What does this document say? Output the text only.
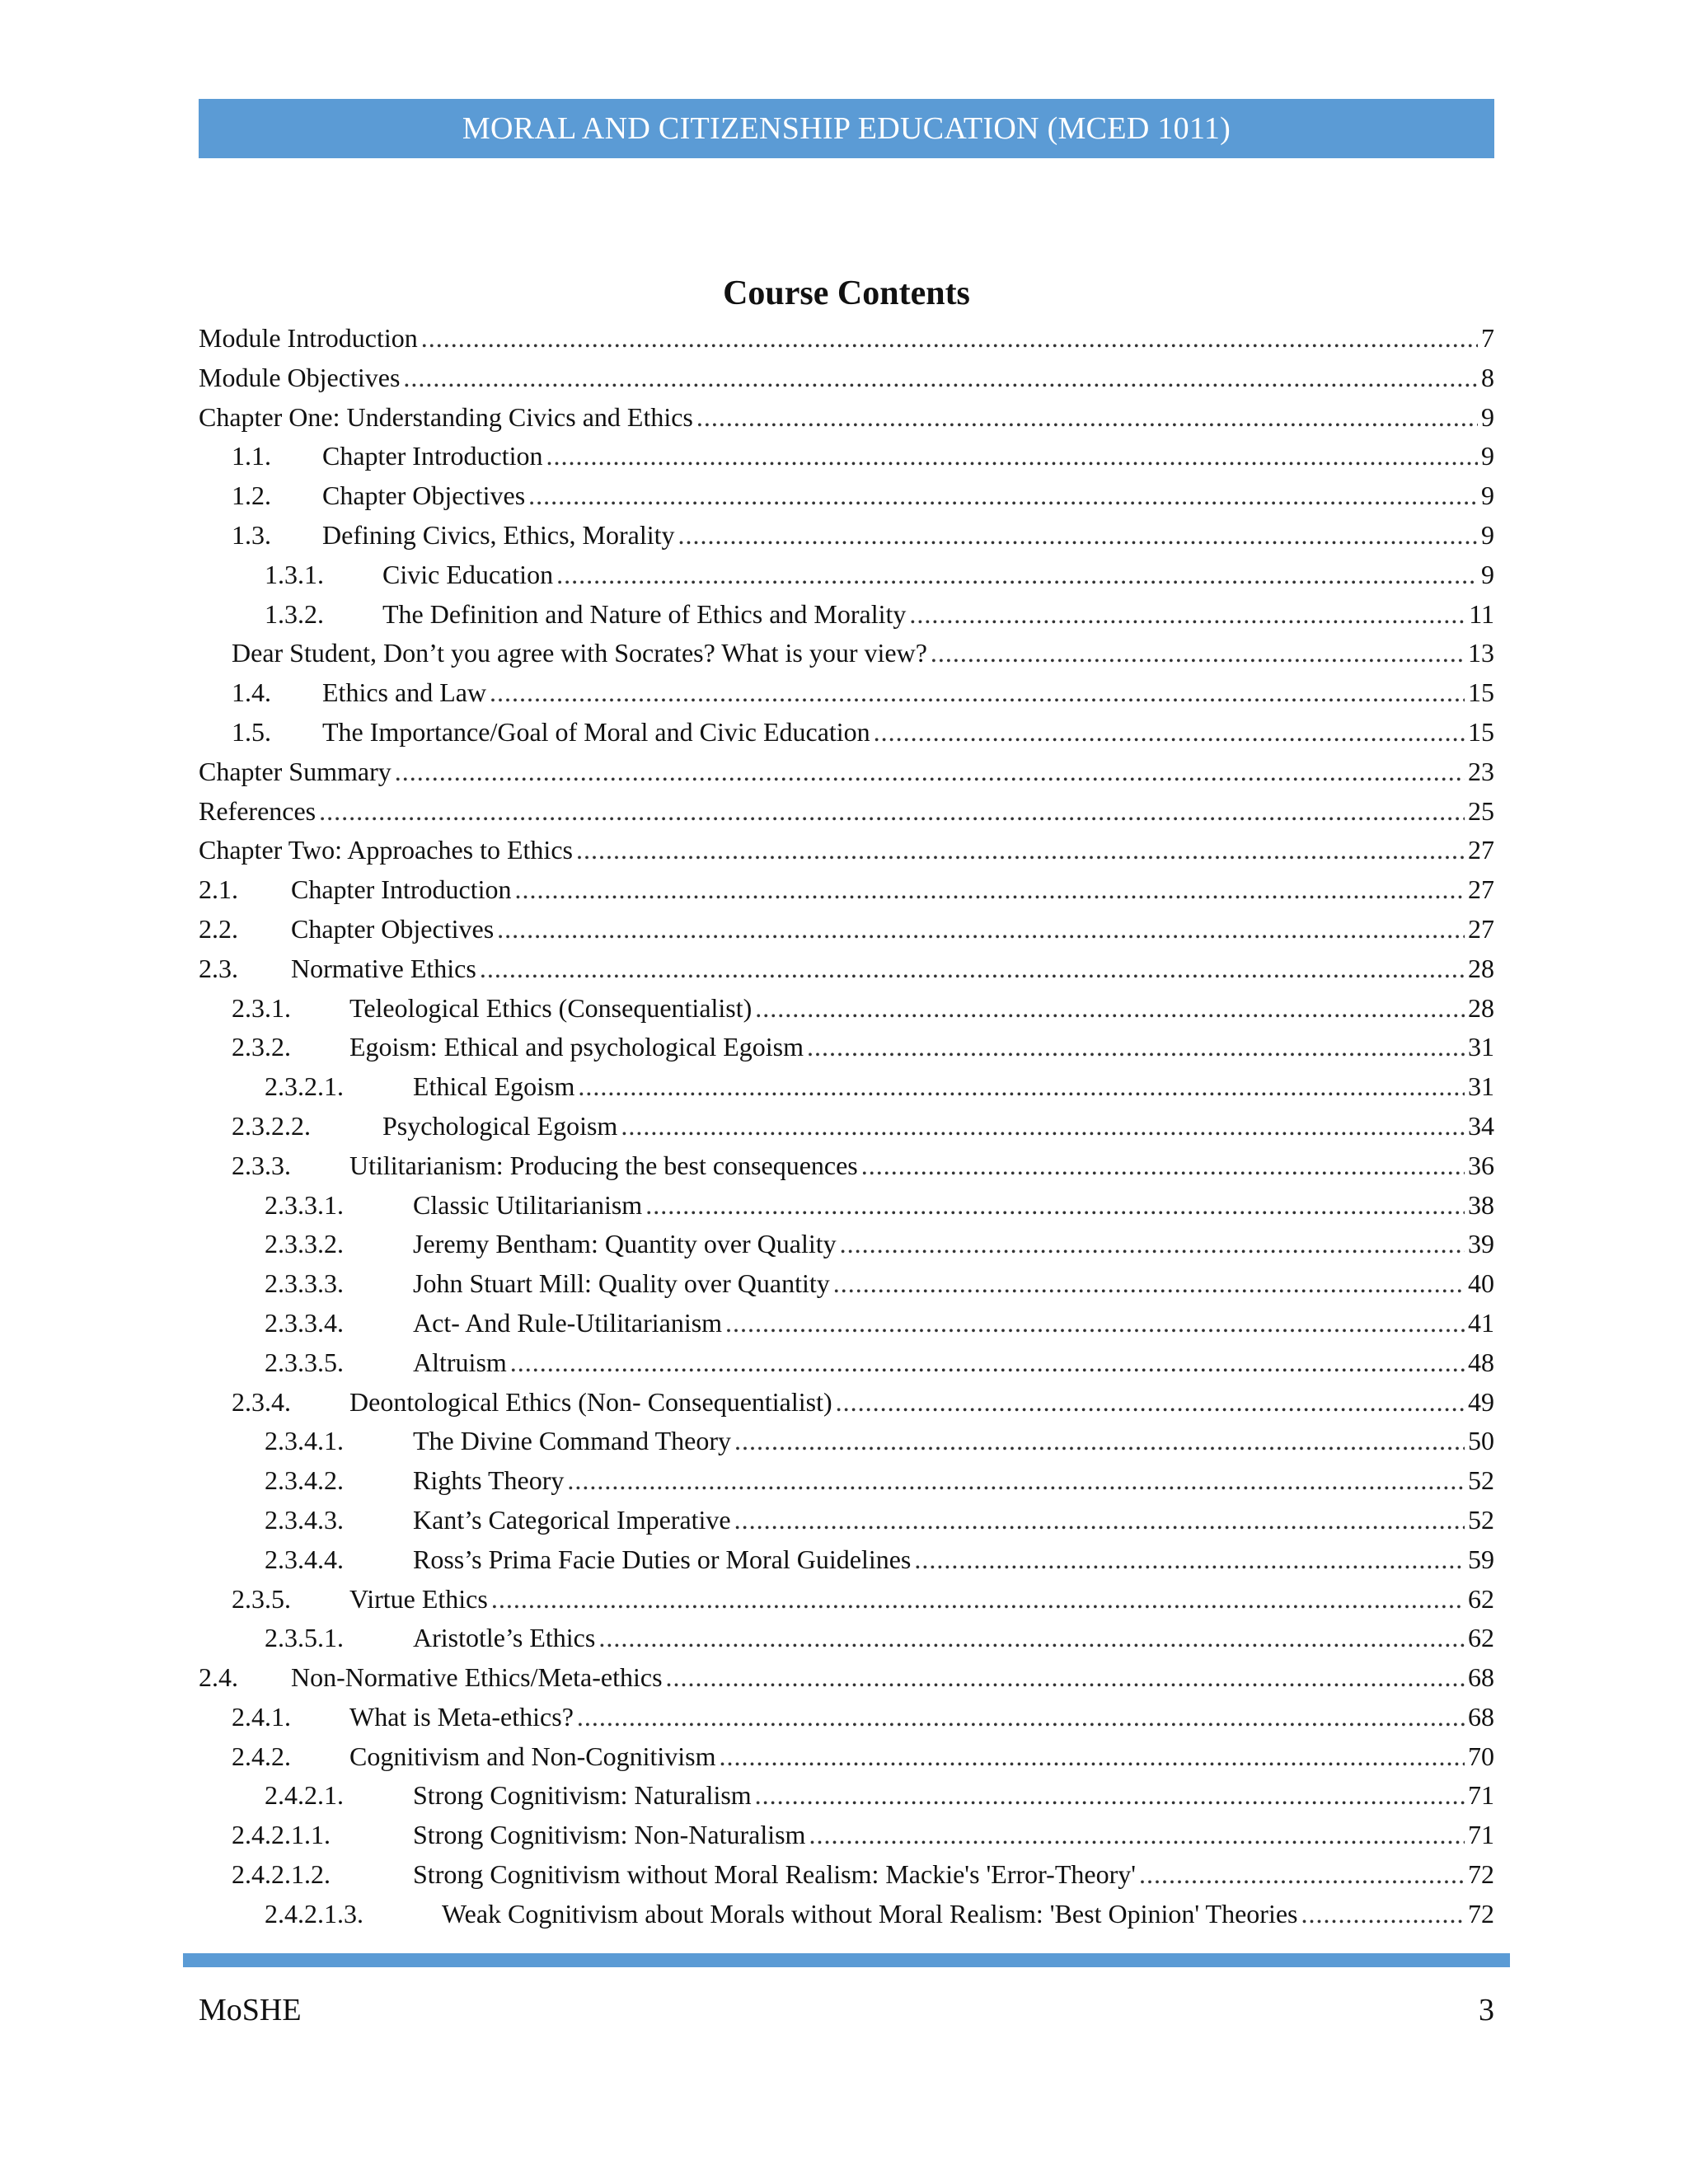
MORAL AND CITIZENSHIP EDUCATION (MCED 1011)
Course Contents
Module Introduction .....	7
Module Objectives .....	8
Chapter One: Understanding Civics and Ethics .....	9
1.1.	Chapter Introduction .....	9
1.2.	Chapter Objectives .....	9
1.3.	Defining Civics, Ethics, Morality .....	9
1.3.1.	Civic Education .....	9
1.3.2.	The Definition and Nature of Ethics and Morality .....	11
Dear Student, Don’t you agree with Socrates? What is your view? .....	13
1.4.	Ethics and Law .....	15
1.5.	The Importance/Goal of Moral and Civic Education .....	15
Chapter Summary .....	23
References .....	25
Chapter Two: Approaches to Ethics .....	27
2.1.	Chapter Introduction .....	27
2.2.	Chapter Objectives .....	27
2.3.	Normative Ethics .....	28
2.3.1.	Teleological Ethics (Consequentialist) .....	28
2.3.2.	Egoism: Ethical and psychological Egoism .....	31
2.3.2.1.	Ethical Egoism .....	31
2.3.2.2.	Psychological Egoism .....	34
2.3.3.	Utilitarianism: Producing the best consequences .....	36
2.3.3.1.	Classic Utilitarianism .....	38
2.3.3.2.	Jeremy Bentham: Quantity over Quality .....	39
2.3.3.3.	John Stuart Mill: Quality over Quantity .....	40
2.3.3.4.	Act- And Rule-Utilitarianism .....	41
2.3.3.5.	Altruism .....	48
2.3.4.	Deontological Ethics (Non- Consequentialist) .....	49
2.3.4.1.	The Divine Command Theory .....	50
2.3.4.2.	Rights Theory .....	52
2.3.4.3.	Kant’s Categorical Imperative .....	52
2.3.4.4.	Ross’s Prima Facie Duties or Moral Guidelines .....	59
2.3.5.	Virtue Ethics .....	62
2.3.5.1.	Aristotle’s Ethics .....	62
2.4.	Non-Normative Ethics/Meta-ethics .....	68
2.4.1.	What is Meta-ethics? .....	68
2.4.2.	Cognitivism and Non-Cognitivism .....	70
2.4.2.1.	Strong Cognitivism: Naturalism .....	71
2.4.2.1.1.	Strong Cognitivism: Non-Naturalism .....	71
2.4.2.1.2.	Strong Cognitivism without Moral Realism: Mackie's 'Error-Theory' .....	72
2.4.2.1.3.	Weak Cognitivism about Morals without Moral Realism: 'Best Opinion' Theories .....	72
MoSHE	3
